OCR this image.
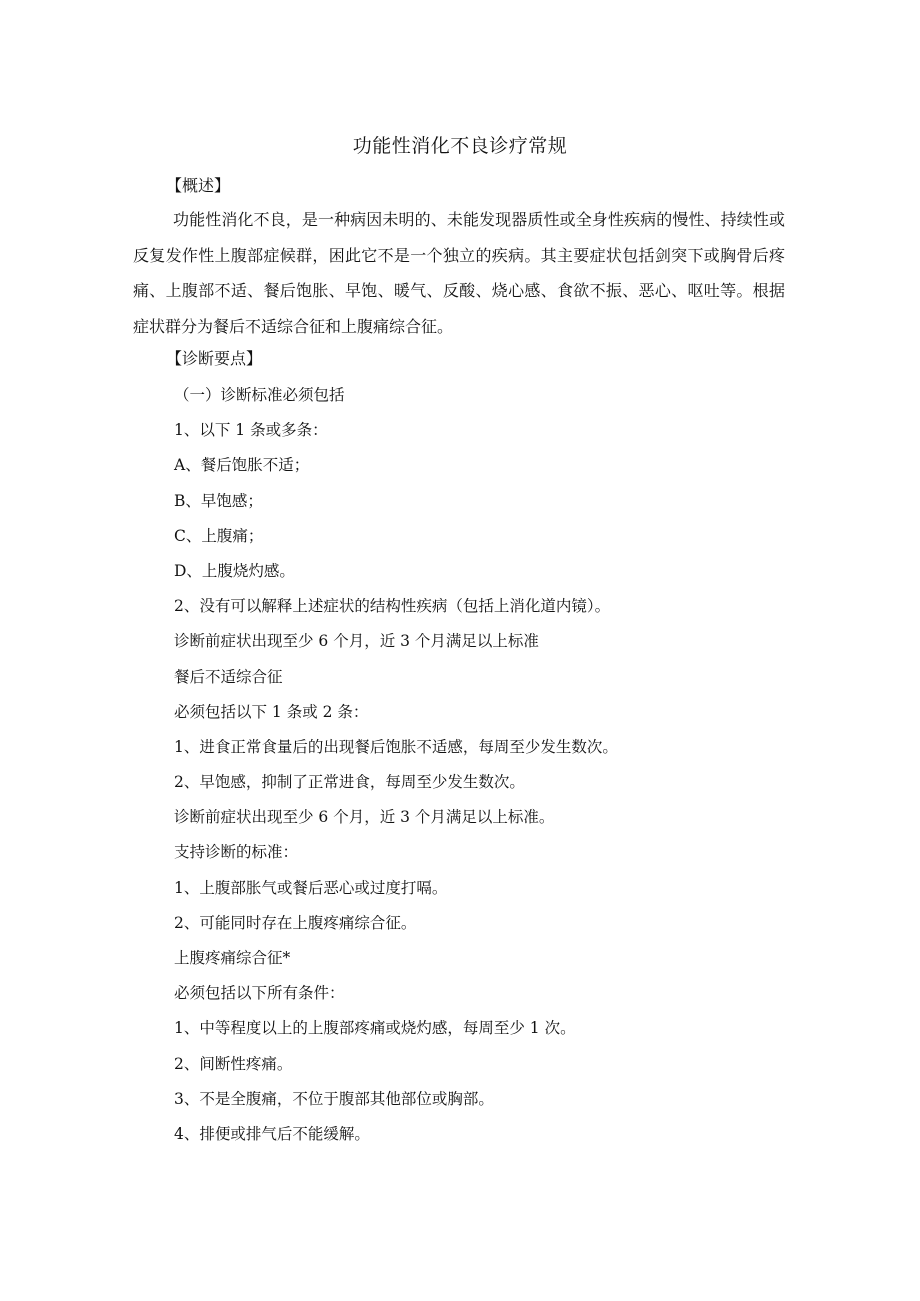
功能性消化不良诊疗常规
【概述】

功能性消化不良，是一种病因未明的、未能发现器质性或全身性疾病的慢性、持续性或反复发作性上腹部症候群，困此它不是一个独立的疾病。其主要症状包括剑突下或胸骨后疼痛、上腹部不适、餐后饱胀、早饱、暖气、反酸、烧心感、食欲不振、恶心、呕吐等。根据症状群分为餐后不适综合征和上腹痛综合征。

【诊断要点】
（一）诊断标准必须包括
1、以下 1 条或多条：
A、餐后饱胀不适；
B、早饱感；
C、上腹痛；
D、上腹烧灼感。
2、没有可以解释上述症状的结构性疾病（包括上消化道内镜）。
诊断前症状出现至少 6 个月，近 3 个月满足以上标准
餐后不适综合征
必须包括以下 1 条或 2 条：
1、进食正常食量后的出现餐后饱胀不适感，每周至少发生数次。
2、早饱感，抑制了正常进食，每周至少发生数次。
诊断前症状出现至少 6 个月，近 3 个月满足以上标准。
支持诊断的标准：
1、上腹部胀气或餐后恶心或过度打嗝。
2、可能同时存在上腹疼痛综合征。
上腹疼痛综合征*
必须包括以下所有条件：
1、中等程度以上的上腹部疼痛或烧灼感，每周至少 1 次。
2、间断性疼痛。
3、不是全腹痛，不位于腹部其他部位或胸部。
4、排便或排气后不能缓解。
